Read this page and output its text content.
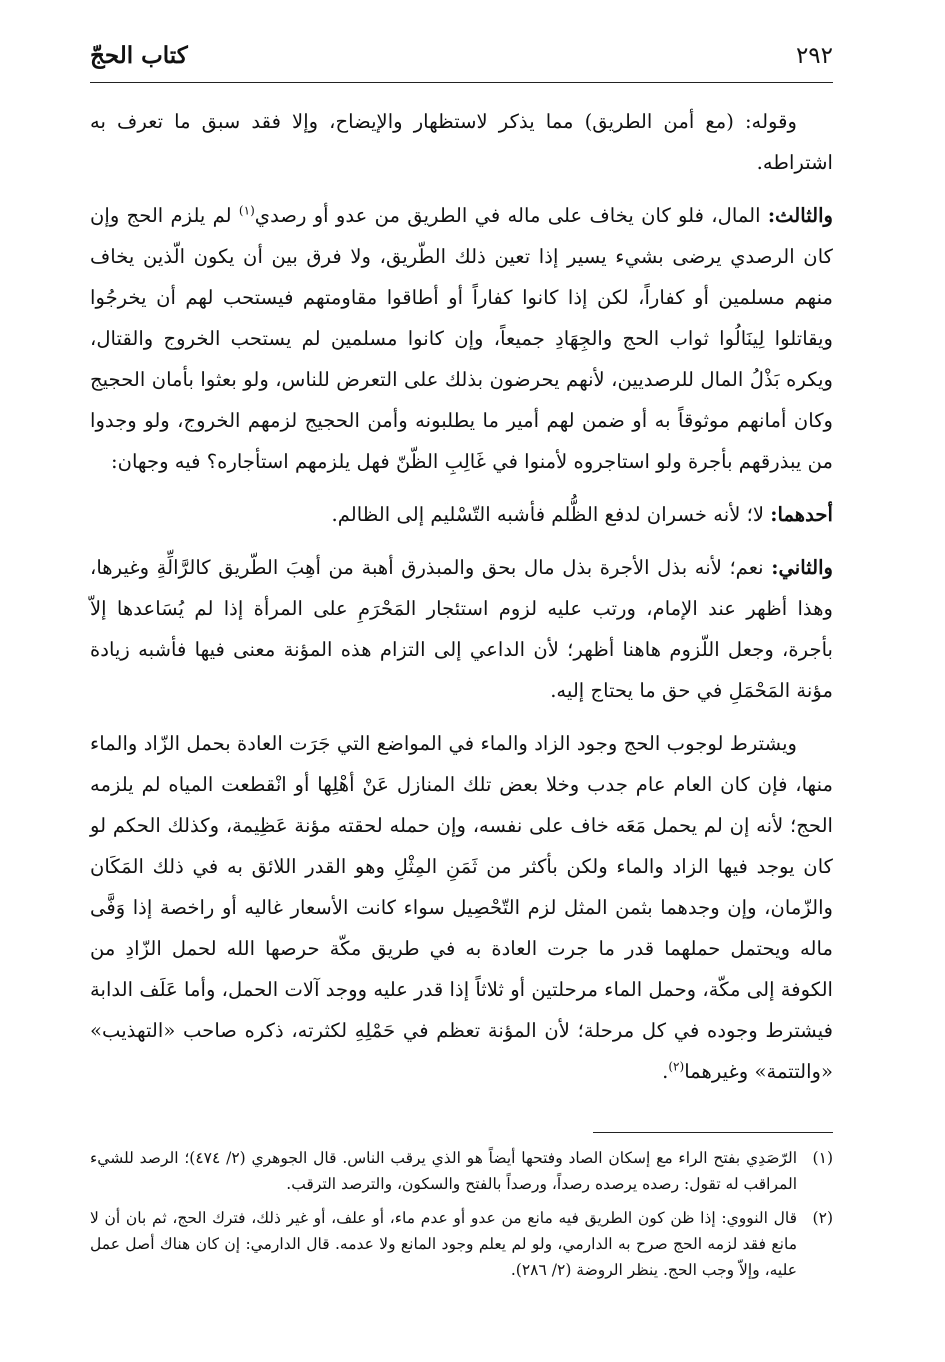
٢٩٢
كتاب الحجّ

وقوله: (مع أمن الطريق) مما يذكر لاستظهار والإيضاح، وإلا فقد سبق ما تعرف به اشتراطه.

والثالث: المال، فلو كان يخاف على ماله في الطريق من عدو أو رصدي$^{(١)}$ لم يلزم الحج وإن كان الرصدي يرضى بشيء يسير إذا تعين ذلك الطّريق، ولا فرق بين أن يكون الّذين يخاف منهم مسلمين أو كفاراً، لكن إذا كانوا كفاراً أو أطاقوا مقاومتهم فيستحب لهم أن يخرجُوا ويقاتلوا لِينَالُوا ثواب الحج والجِهَادِ جميعاً، وإن كانوا مسلمين لم يستحب الخروج والقتال، ويكره بَذْلُ المال للرصديين، لأنهم يحرضون بذلك على التعرض للناس، ولو بعثوا بأمان الحجيج وكان أمانهم موثوقاً به أو ضمن لهم أمير ما يطلبونه وأمن الحجيج لزمهم الخروج، ولو وجدوا من يبذرقهم بأجرة ولو استاجروه لأمنوا في غَالِبِ الظّنّ فهل يلزمهم استأجاره؟ فيه وجهان:

أحدهما: لا؛ لأنه خسران لدفع الظُّلم فأشبه التّسْليم إلى الظالم.

والثاني: نعم؛ لأنه بذل الأجرة بذل مال بحق والمبذرق أهبة من أهِبَ الطّريق كالرَّالِّةِ وغيرها، وهذا أظهر عند الإمام، ورتب عليه لزوم استئجار المَحْرَمِ على المرأة إذا لم يُسَاعدها إلاّ بأجرة، وجعل اللّزوم هاهنا أظهر؛ لأن الداعي إلى التزام هذه المؤنة معنى فيها فأشبه زيادة مؤنة المَحْمَلِ في حق ما يحتاج إليه.

ويشترط لوجوب الحج وجود الزاد والماء في المواضع التي جَرَت العادة بحمل الزّاد والماء منها، فإن كان العام عام جدب وخلا بعض تلك المنازل عَنْ أهْلِها أو انْقطعت المياه لم يلزمه الحج؛ لأنه إن لم يحمل مَعَه خاف على نفسه، وإن حمله لحقته مؤنة عَظِيمة، وكذلك الحكم لو كان يوجد فيها الزاد والماء ولكن بأكثر من ثَمَنِ المِثْلِ وهو القدر اللائق به في ذلك المَكَان والزّمان، وإن وجدهما بثمن المثل لزم التّحْصِيل سواء كانت الأسعار غاليه أو راخصة إذا وَفَّى ماله ويحتمل حملهما قدر ما جرت العادة به في طريق مكّة حرصها الله لحمل الزّادِ من الكوفة إلى مكّة، وحمل الماء مرحلتين أو ثلاثاً إذا قدر عليه ووجد آلات الحمل، وأما عَلَف الدابة فيشترط وجوده في كل مرحلة؛ لأن المؤنة تعظم في حَمْلِهِ لكثرته، ذكره صاحب «التهذيب» «والتتمة» وغيرهما$^{(٢)}$.

(١)
الرّصَدِي بفتح الراء مع إسكان الصاد وفتحها أيضاً هو الذي يرقب الناس. قال الجوهري (٢/ ٤٧٤)؛ الرصد للشيء المراقب له تقول: رصده يرصده رصداً، ورصداً بالفتح والسكون، والترصد الترقب.
(٢)
قال النووي: إذا ظن كون الطريق فيه مانع من عدو أو عدم ماء، أو علف، أو غير ذلك، فترك الحج، ثم بان أن لا مانع فقد لزمه الحج صرح به الدارمي، ولو لم يعلم وجود المانع ولا عدمه. قال الدارمي: إن كان هناك أصل عمل عليه، وإلاّ وجب الحج. ينظر الروضة (٢/ ٢٨٦).
